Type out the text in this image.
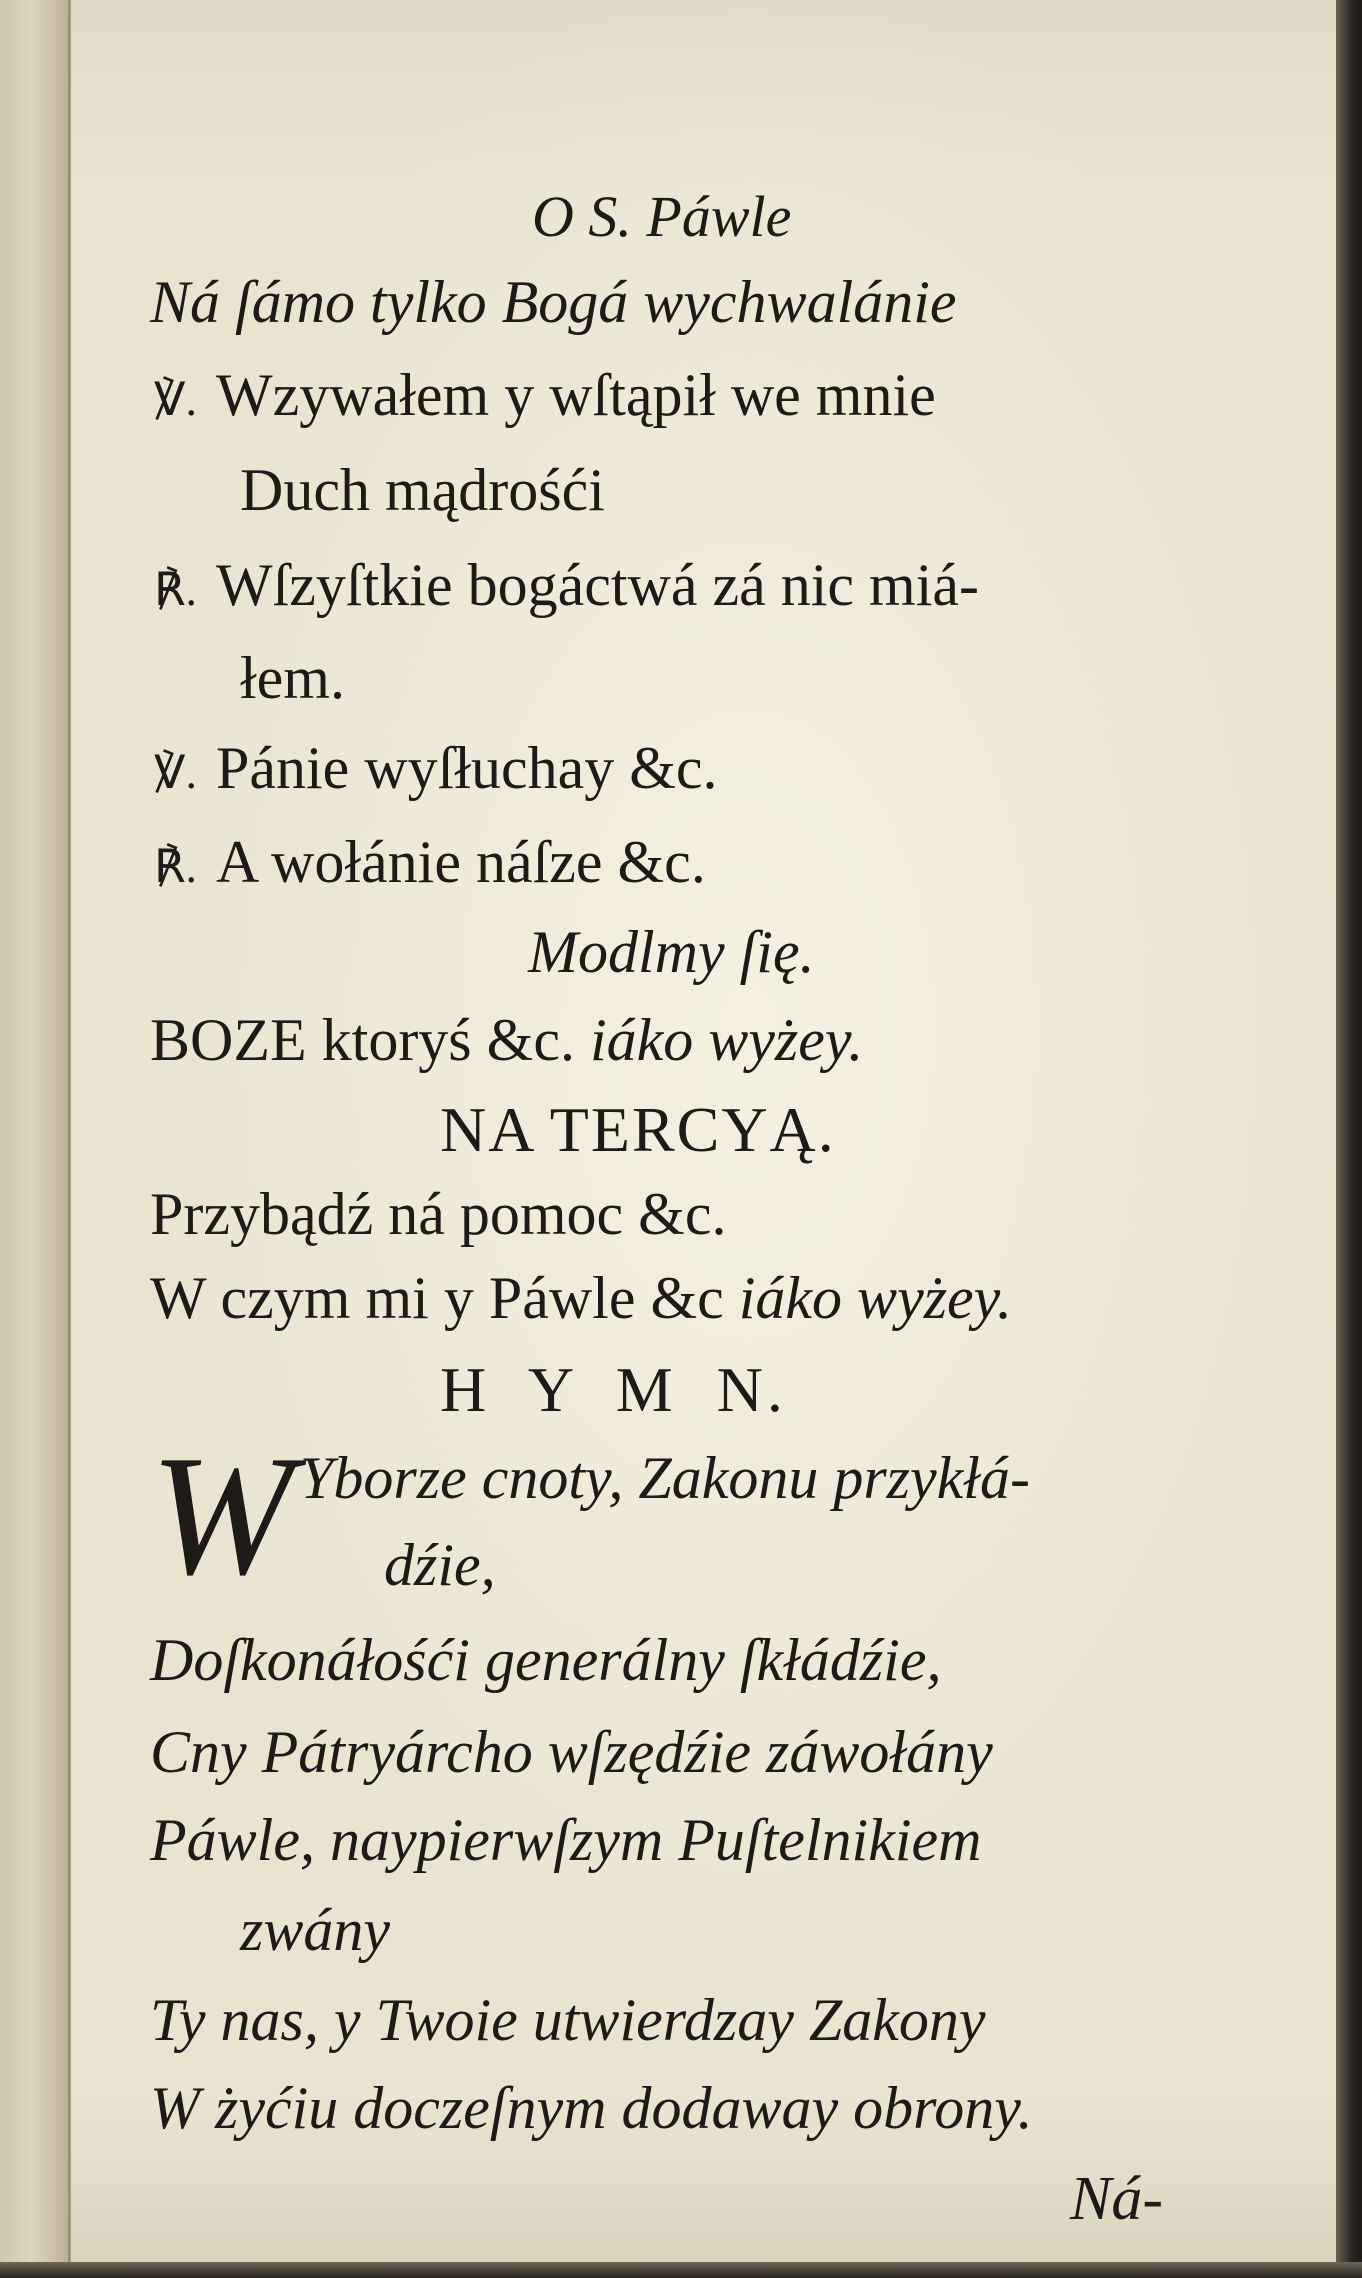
O S. Páwle
Ná ſámo tylko Bogá wychwalánie
℣. Wzywałem y wſtąpił we mnie
Duch mądrośći
℟. Wſzyſtkie bogáctwá zá nic miá-
łem.
℣. Pánie wyſłuchay &c.
℟. A wołánie náſze &c.
Modlmy ſię.
BOZE ktoryś &c. iáko wyżey.
NA TERCYĄ.
Przybądź ná pomoc &c.
W czym mi y Páwle &c iáko wyżey.
H  Y  M  N.
W Yborze cnoty, Zakonu przykłá-
dźie,
Doſkonáłośći generálny ſkłádźie,
Cny Pátryárcho wſzędźie záwołány
Páwle, naypierwſzym Puſtelnikiem
zwány
Ty nas, y Twoie utwierdzay Zakony
W żyćiu doczeſnym dodaway obrony.
Ná-
